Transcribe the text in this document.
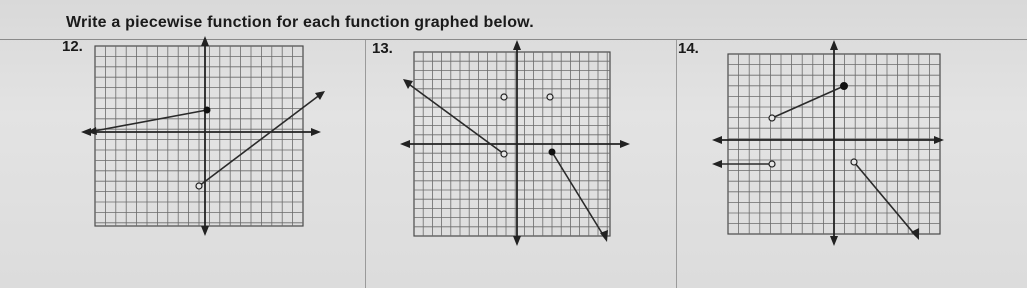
Write a piecewise function for each function graphed below.
12.	13.	14.
